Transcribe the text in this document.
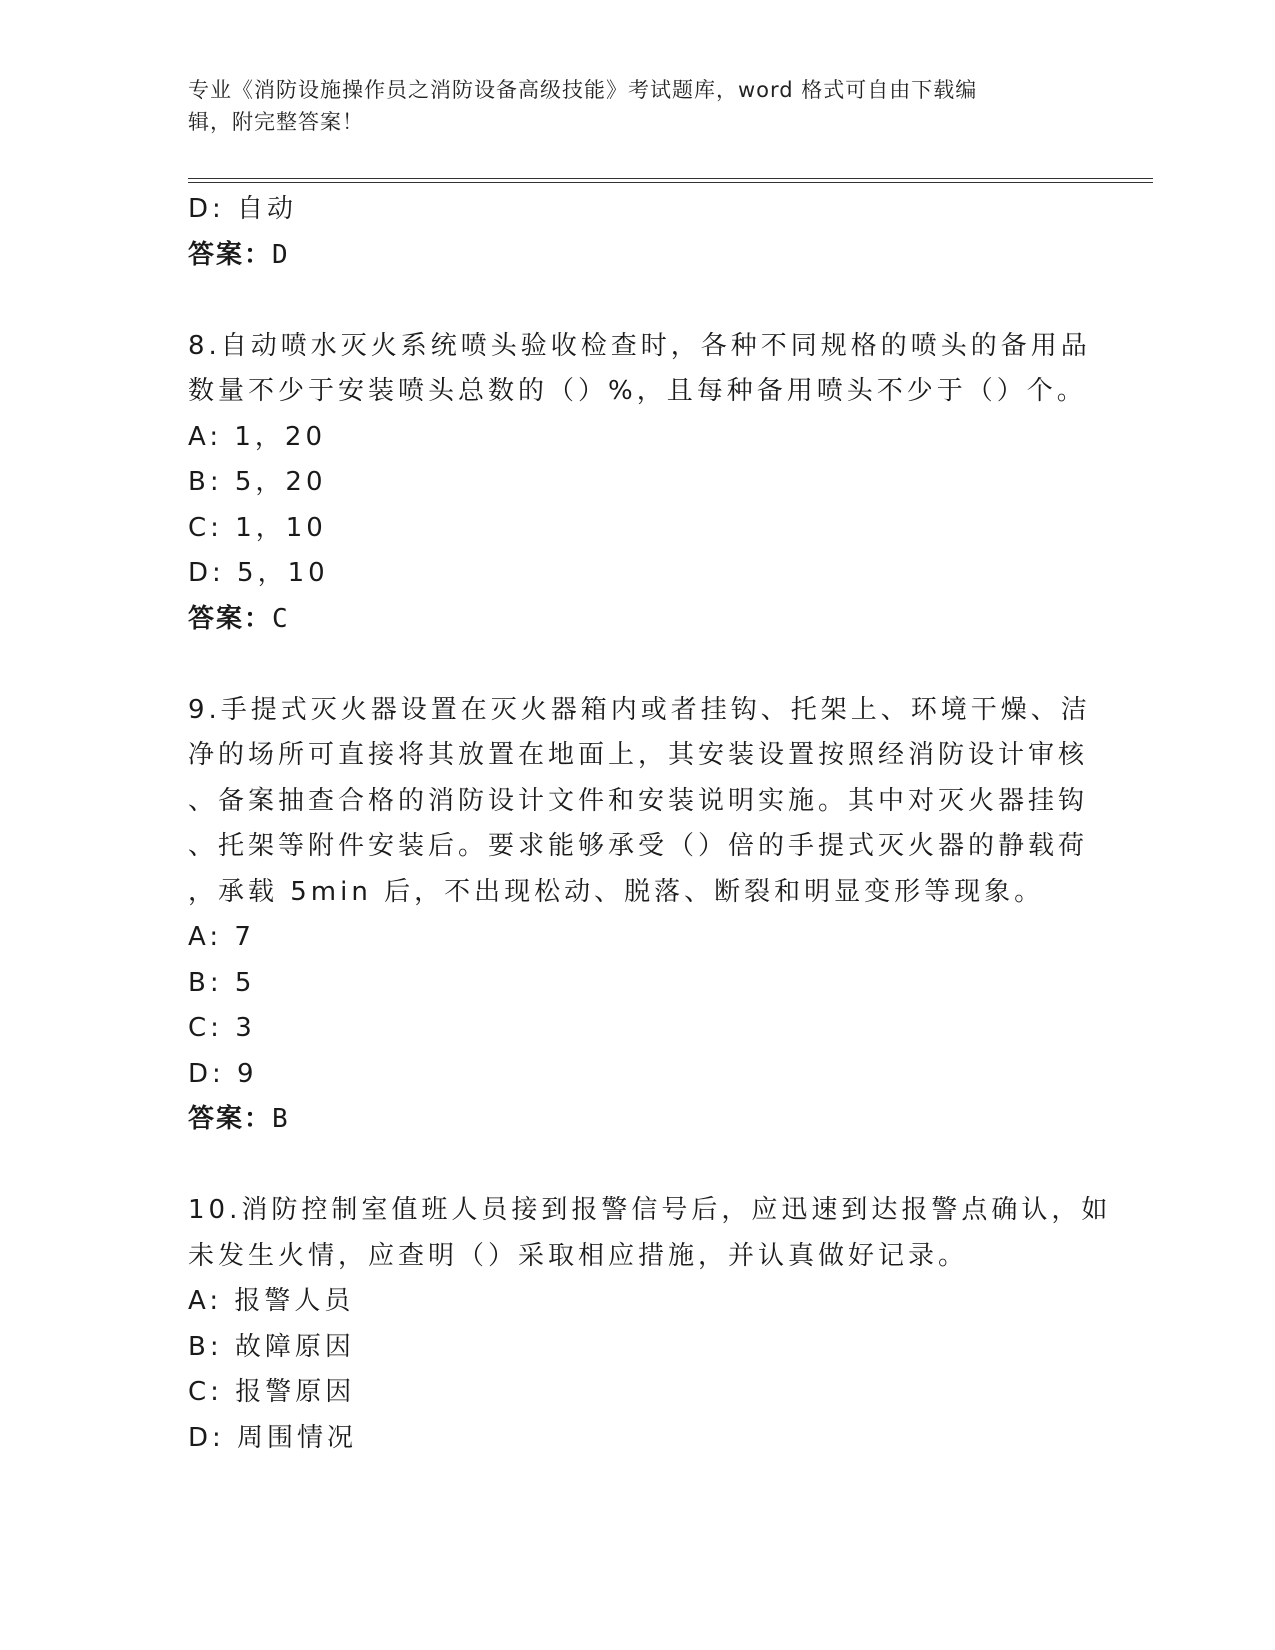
专业《消防设施操作员之消防设备高级技能》考试题库，word 格式可自由下载编
辑，附完整答案！
D: 自动
答案：D
8.自动喷水灭火系统喷头验收检查时，各种不同规格的喷头的备用品
数量不少于安装喷头总数的（）%，且每种备用喷头不少于（）个。
A: 1，20
B: 5，20
C: 1，10
D: 5，10
答案：C
9.手提式灭火器设置在灭火器箱内或者挂钩、托架上、环境干燥、洁
净的场所可直接将其放置在地面上，其安装设置按照经消防设计审核
、备案抽查合格的消防设计文件和安装说明实施。其中对灭火器挂钩
、托架等附件安装后。要求能够承受（）倍的手提式灭火器的静载荷
，承载 5min 后，不出现松动、脱落、断裂和明显变形等现象。
A: 7
B: 5
C: 3
D: 9
答案：B
10.消防控制室值班人员接到报警信号后，应迅速到达报警点确认，如
未发生火情，应查明（）采取相应措施，并认真做好记录。
A: 报警人员
B: 故障原因
C: 报警原因
D: 周围情况
